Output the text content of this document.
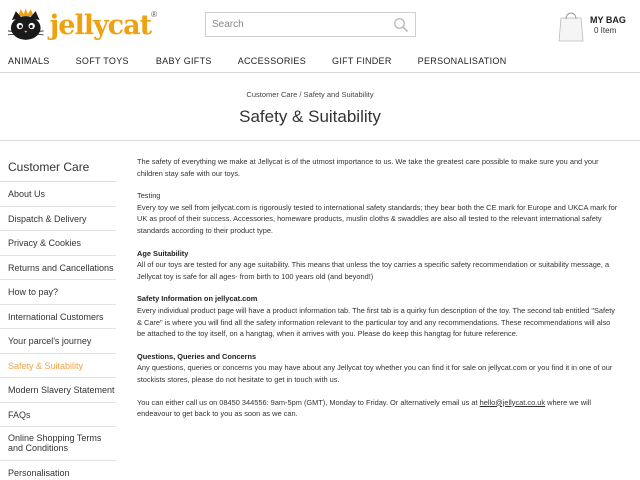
jellycat®
Search
MY BAG
0 Item
ANIMALS	SOFT TOYS	BABY GIFTS	ACCESSORIES	GIFT FINDER	PERSONALISATION
Customer Care / Safety and Suitability
Safety & Suitability
Customer Care
About Us
Dispatch & Delivery
Privacy & Cookies
Returns and Cancellations
How to pay?
International Customers
Your parcel's journey
Safety & Suitability
Modern Slavery Statement
FAQs
Online Shopping Terms and Conditions
Personalisation

The safety of everything we make at Jellycat is of the utmost importance to us. We take the greatest care possible to make sure you and your children stay safe with our toys.

Testing

Every toy we sell from jellycat.com is rigorously tested to international safety standards; they bear both the CE mark for Europe and UKCA mark for UK as proof of their success. Accessories, homeware products, muslin cloths & swaddles are also all tested to the relevant international safety standards according to their product type.

Age Suitability

All of our toys are tested for any age suitability. This means that unless the toy carries a specific safety recommendation or suitability message, a Jellycat toy is safe for all ages- from birth to 100 years old (and beyond!)

Safety Information on jellycat.com

Every individual product page will have a product information tab. The first tab is a quirky fun description of the toy. The second tab entitled "Safety & Care" is where you will find all the safety information relevant to the particular toy and any recommendations. These recommendations will also be attached to the toy itself, on a hangtag, when it arrives with you. Please do keep this hangtag for future reference.

Questions, Queries and Concerns

Any questions, queries or concerns you may have about any Jellycat toy whether you can find it for sale on jellycat.com or you find it in one of our stockists stores, please do not hesitate to get in touch with us.

You can either call us on 08450 344556: 9am-5pm (GMT), Monday to Friday. Or alternatively email us at hello@jellycat.co.uk where we will endeavour to get back to you as soon as we can.
